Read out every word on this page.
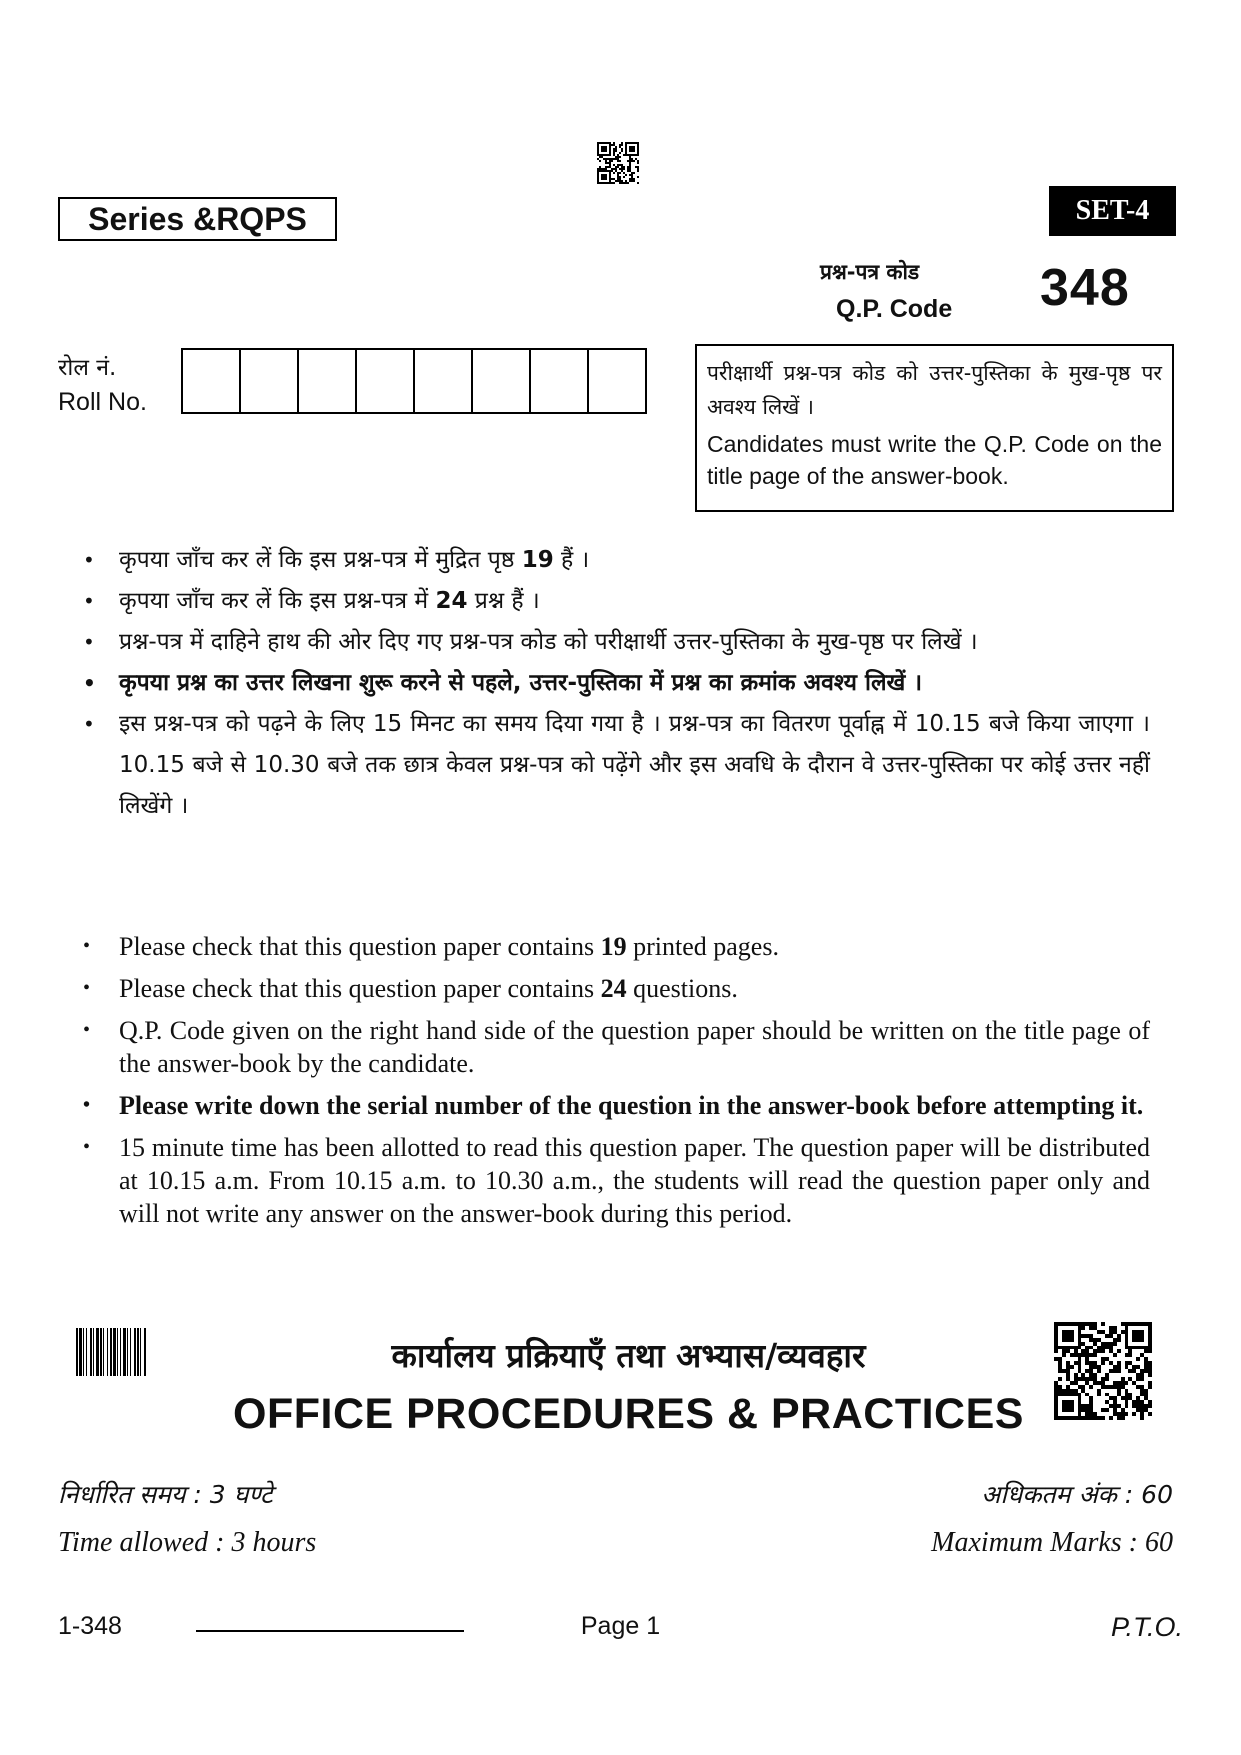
Series &RQPS	SET-4
प्रश्न-पत्र कोड
Q.P. Code 348
रोल नं.
Roll No.
परीक्षार्थी प्रश्न-पत्र कोड को उत्तर-पुस्तिका के मुख-पृष्ठ पर अवश्य लिखें ।
Candidates must write the Q.P. Code on the title page of the answer-book.
• कृपया जाँच कर लें कि इस प्रश्न-पत्र में मुद्रित पृष्ठ 19 हैं ।
• कृपया जाँच कर लें कि इस प्रश्न-पत्र में 24 प्रश्न हैं ।
• प्रश्न-पत्र में दाहिने हाथ की ओर दिए गए प्रश्न-पत्र कोड को परीक्षार्थी उत्तर-पुस्तिका के मुख-पृष्ठ पर लिखें ।
• कृपया प्रश्न का उत्तर लिखना शुरू करने से पहले, उत्तर-पुस्तिका में प्रश्न का क्रमांक अवश्य लिखें ।
• इस प्रश्न-पत्र को पढ़ने के लिए 15 मिनट का समय दिया गया है । प्रश्न-पत्र का वितरण पूर्वाह्न में 10.15 बजे किया जाएगा । 10.15 बजे से 10.30 बजे तक छात्र केवल प्रश्न-पत्र को पढ़ेंगे और इस अवधि के दौरान वे उत्तर-पुस्तिका पर कोई उत्तर नहीं लिखेंगे ।
• Please check that this question paper contains 19 printed pages.
• Please check that this question paper contains 24 questions.
• Q.P. Code given on the right hand side of the question paper should be written on the title page of the answer-book by the candidate.
• Please write down the serial number of the question in the answer-book before attempting it.
• 15 minute time has been allotted to read this question paper. The question paper will be distributed at 10.15 a.m. From 10.15 a.m. to 10.30 a.m., the students will read the question paper only and will not write any answer on the answer-book during this period.
कार्यालय प्रक्रियाएँ तथा अभ्यास/व्यवहार
OFFICE PROCEDURES & PRACTICES
निर्धारित समय : 3 घण्टे
Time allowed : 3 hours
अधिकतम अंक : 60
Maximum Marks : 60
1-348	Page 1	P.T.O.
